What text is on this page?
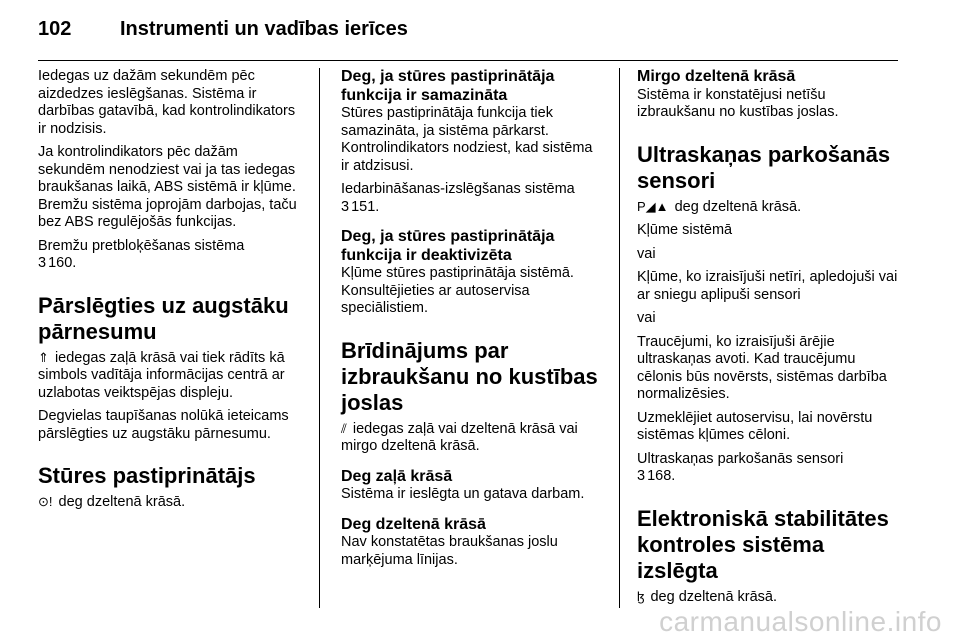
102 Instrumenti un vadības ierīces

Iedegas uz dažām sekundēm pēc aizdedzes ieslēgšanas. Sistēma ir darbības gatavībā, kad kontrolindikators ir nodzisis.

Ja kontrolindikators pēc dažām sekundēm nenodziest vai ja tas iedegas braukšanas laikā, ABS sistēmā ir kļūme. Bremžu sistēma joprojām darbojas, taču bez ABS regulējošās funkcijas.

Bremžu pretbloķēšanas sistēma

3 160.

Pārslēgties uz augstāku pārnesumu

⇑ iedegas zaļā krāsā vai tiek rādīts kā simbols vadītāja informācijas centrā ar uzlabotas veiktspējas displeju.

Degvielas taupīšanas nolūkā ieteicams pārslēgties uz augstāku pārnesumu.

Stūres pastiprinātājs

⊙! deg dzeltenā krāsā.

Deg, ja stūres pastiprinātāja funkcija ir samazināta

Stūres pastiprinātāja funkcija tiek samazināta, ja sistēma pārkarst. Kontrolindikators nodziest, kad sistēma ir atdzisusi.

Iedarbināšanas-izslēgšanas sistēma

3 151.

Deg, ja stūres pastiprinātāja funkcija ir deaktivizēta

Kļūme stūres pastiprinātāja sistēmā. Konsultējieties ar autoservisa speciālistiem.

Brīdinājums par izbraukšanu no kustības joslas

⫽ iedegas zaļā vai dzeltenā krāsā vai mirgo dzeltenā krāsā.

Deg zaļā krāsā

Sistēma ir ieslēgta un gatava darbam.

Deg dzeltenā krāsā

Nav konstatētas braukšanas joslu marķējuma līnijas.

Mirgo dzeltenā krāsā

Sistēma ir konstatējusi netīšu izbraukšanu no kustības joslas.

Ultraskaņas parkošanās sensori

P◢▲ deg dzeltenā krāsā.

Kļūme sistēmā

vai

Kļūme, ko izraisījuši netīri, apledojuši vai ar sniegu aplipuši sensori

vai

Traucējumi, ko izraisījuši ārējie ultraskaņas avoti. Kad traucējumu cēlonis būs novērsts, sistēmas darbība normalizēsies.

Uzmeklējiet autoservisu, lai novērstu sistēmas kļūmes cēloni.

Ultraskaņas parkošanās sensori

3 168.

Elektroniskā stabilitātes kontroles sistēma izslēgta

ɮ deg dzeltenā krāsā.

carmanualsonline.info
